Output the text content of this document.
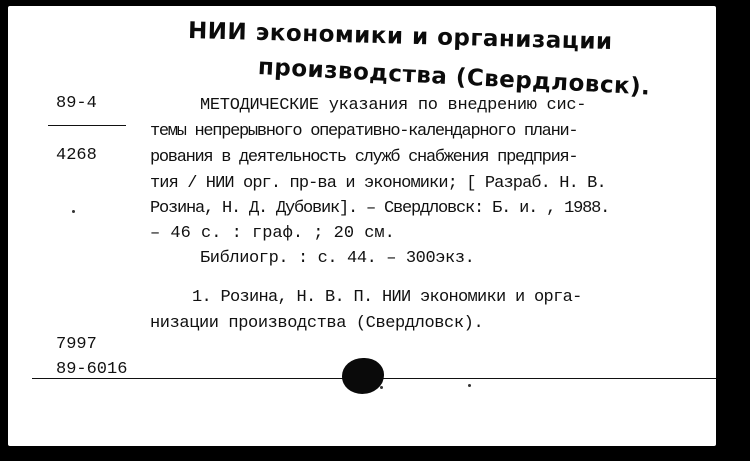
НИИ экономики и организации
производства (Свердловск).
89-4
4268
МЕТОДИЧЕСКИЕ указания по внедрению сис-
темы непрерывного оперативно-календарного плани-
рования в деятельность служб снабжения предприя-
тия / НИИ орг. пр-ва и экономики; [ Разраб. Н. В.
Розина, Н. Д. Дубовик]. – Свердловск: Б. и. , 1988.
– 46 с. : граф. ; 20 см.
Библиогр. : с. 44. – 300экз.
1. Розина, Н. В. П. НИИ экономики и орга-
низации производства (Свердловск).
7997
89-6016
